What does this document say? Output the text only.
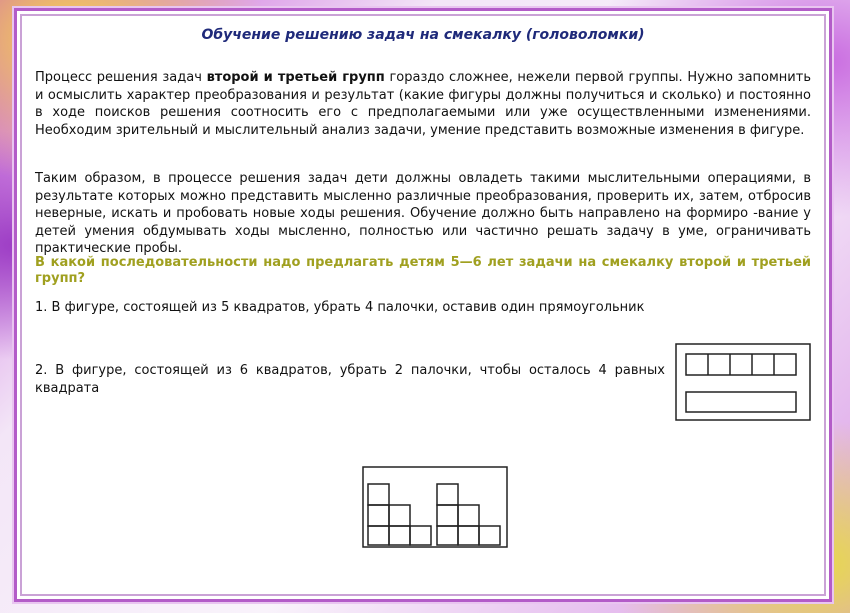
Обучение решению задач на смекалку (головоломки)

Процесс решения задач второй и третьей групп гораздо сложнее, нежели первой группы. Нужно запомнить и осмыслить характер преобразования и результат (какие фигуры должны получиться и сколько) и постоянно в ходе поисков решения соотносить его с предполагаемыми или уже осуществленными изменениями. Необходим зрительный и мыслительный анализ задачи, умение представить возможные изменения в фигуре.

Таким образом, в процессе решения задач дети должны овладеть такими мыслительными операциями, в результате которых можно представить мысленно различные преобразования, проверить их, затем, отбросив неверные, искать и пробовать новые ходы решения. Обучение должно быть направлено на формиро -вание у детей умения обдумывать ходы мысленно, полностью или частично решать задачу в уме, ограничивать практические пробы.

В какой последовательности надо предлагать детям 5—6 лет задачи на смекалку второй и третьей групп?

1. В фигуре, состоящей из 5 квадратов, убрать 4 палочки, оставив один прямоугольник

2. В фигуре, состоящей из 6 квадратов, убрать 2 палочки, чтобы осталось 4 равных квадрата
